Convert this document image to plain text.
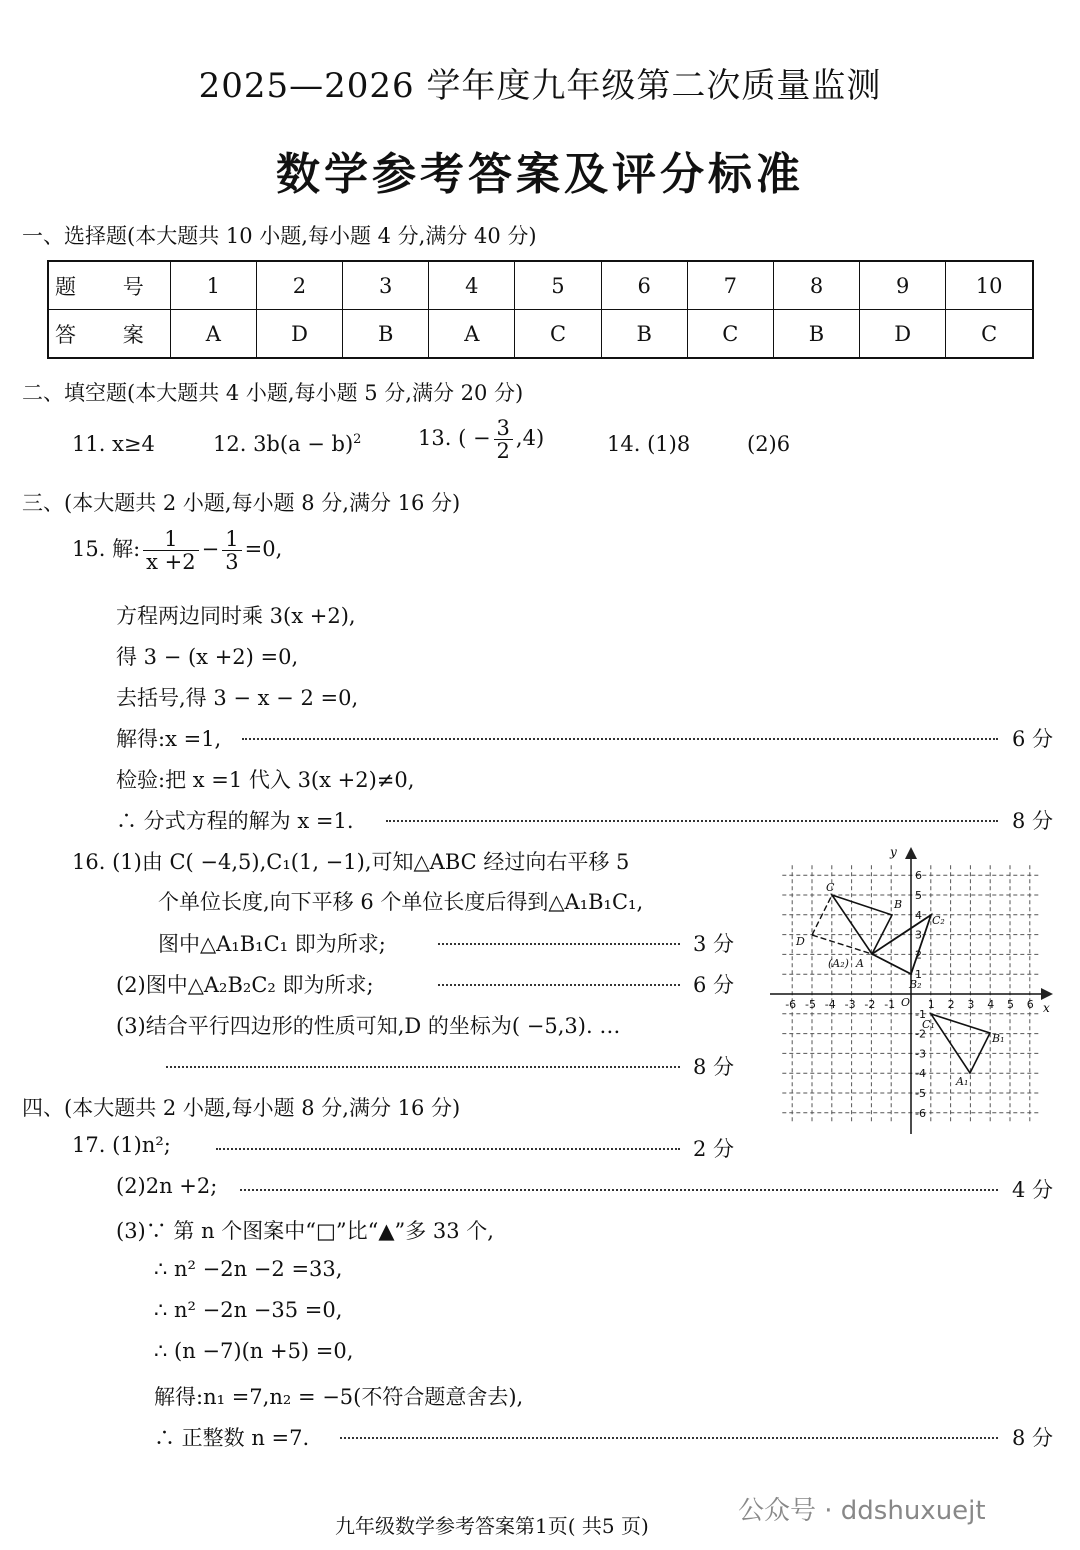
2025—2026 学年度九年级第二次质量监测
数学参考答案及评分标准
一、选择题(本大题共 10 小题,每小题 4 分,满分 40 分)
题 号	1	2	3	4	5	6	7	8	9	10
答 案	A	D	B	A	C	B	C	B	D	C
二、填空题(本大题共 4 小题,每小题 5 分,满分 20 分)
11. x≥4	12. $3b(a - b)^2$	13. ( − $\frac{3}{2} ,4$)	14. (1)8	(2)6
三、(本大题共 2 小题,每小题 8 分,满分 16 分)
15. 解: $\frac{1}{x +2} - \frac{1}{3} =0$,
方程两边同时乘 3(x +2),
得 3 − (x +2) =0,
去括号,得 3 − x − 2 =0,
解得:x =1,	6 分
检验:把 x =1 代入 3(x +2)≠0,
∴ 分式方程的解为 x =1.	8 分
16. (1)由 C( −4,5),C₁(1, −1),可知△ABC 经过向右平移 5
个单位长度,向下平移 6 个单位长度后得到△A₁B₁C₁,
图中△A₁B₁C₁ 即为所求;	3 分
(2)图中△A₂B₂C₂ 即为所求;	6 分
(3)结合平行四边形的性质可知,D 的坐标为( −5,3). …
8 分
-6 -5 -4 -3 -2 -1	1 2 3 4 5 6
6
5
4
3
2
1
-1
-2
-3
-4
-5
-6
x
y
C
B
A
(A₂)
D
C₂
B₂
C₁
B₁
A₁
O
四、(本大题共 2 小题,每小题 8 分,满分 16 分)
17. (1)n²;	2 分
(2)2n +2;	4 分
(3)∵ 第 n 个图案中“□”比“▲”多 33 个,
∴ n² −2n −2 =33,
∴ n² −2n −35 =0,
∴ (n −7)(n +5) =0,
解得:n₁ =7,n₂ = −5(不符合题意舍去),
∴ 正整数 n =7.	8 分
九年级数学参考答案第1页( 共5 页)	公众号 · ddshuxuejt
